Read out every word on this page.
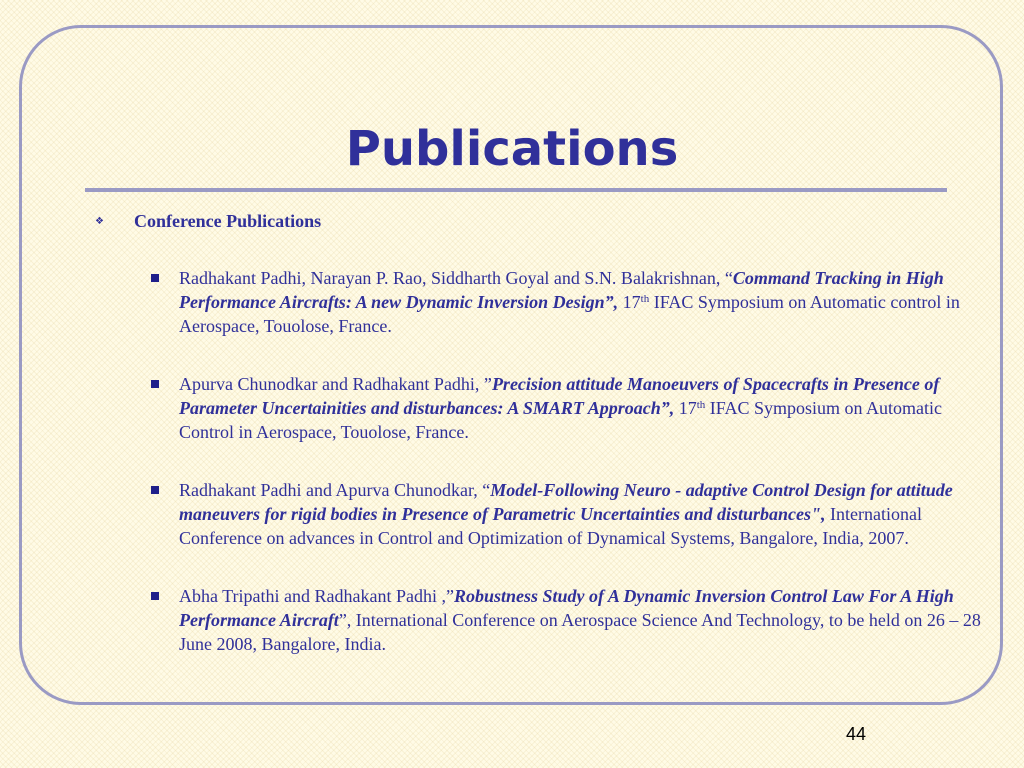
Publications
❖ Conference Publications
Radhakant Padhi, Narayan P. Rao, Siddharth Goyal and S.N. Balakrishnan, “Command Tracking in High Performance Aircrafts: A new Dynamic Inversion Design”, 17th IFAC Symposium on Automatic control in Aerospace, Touolose, France.
Apurva Chunodkar and Radhakant Padhi, ”Precision attitude Manoeuvers of Spacecrafts in Presence of Parameter Uncertainities and disturbances: A SMART Approach”, 17th IFAC Symposium on Automatic Control in Aerospace, Touolose, France.
Radhakant Padhi and Apurva Chunodkar, “Model-Following Neuro - adaptive Control Design for attitude maneuvers for rigid bodies in Presence of Parametric Uncertainties and disturbances", International Conference on advances in Control and Optimization of Dynamical Systems, Bangalore, India, 2007.
Abha Tripathi and Radhakant Padhi ,”Robustness Study of A Dynamic Inversion Control Law For A High Performance Aircraft”, International Conference on Aerospace Science And Technology, to be held on 26 – 28 June 2008, Bangalore, India.
44
